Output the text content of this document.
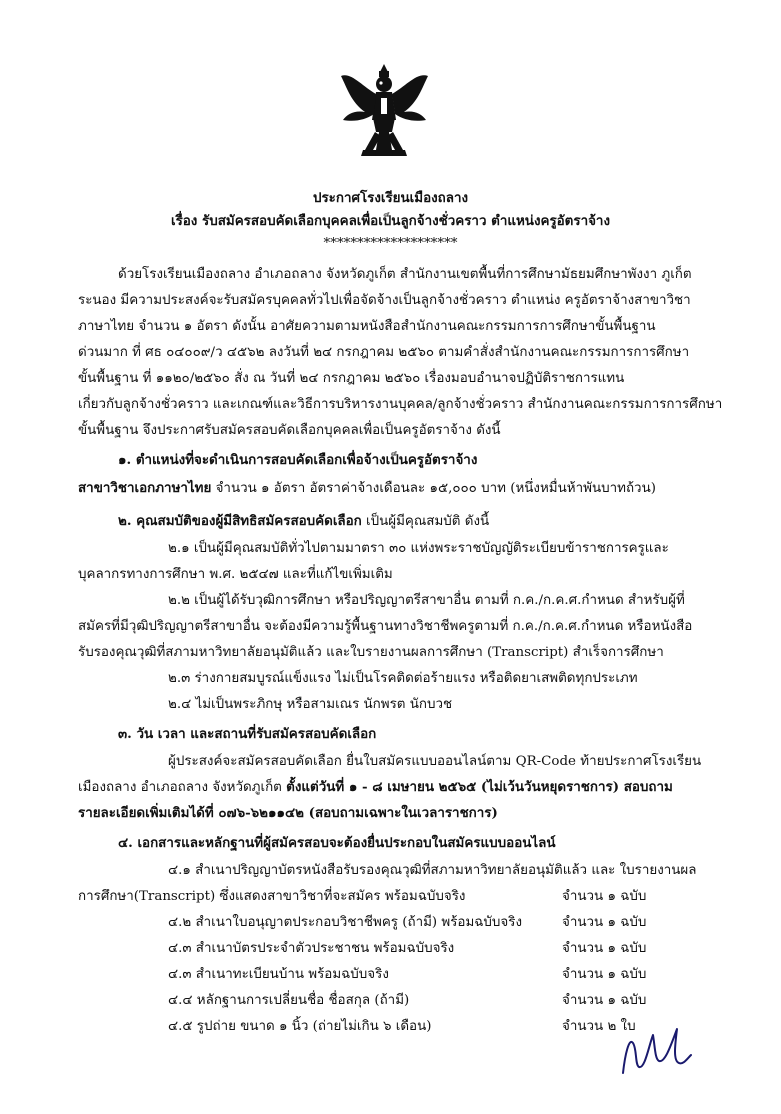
ประกาศโรงเรียนเมืองถลาง
เรื่อง รับสมัครสอบคัดเลือกบุคคลเพื่อเป็นลูกจ้างชั่วคราว ตำแหน่งครูอัตราจ้าง
********************
ด้วยโรงเรียนเมืองถลาง อำเภอถลาง จังหวัดภูเก็ต สำนักงานเขตพื้นที่การศึกษามัธยมศึกษาพังงา ภูเก็ต
ระนอง มีความประสงค์จะรับสมัครบุคคลทั่วไปเพื่อจัดจ้างเป็นลูกจ้างชั่วคราว ตำแหน่ง ครูอัตราจ้างสาขาวิชา
ภาษาไทย จำนวน ๑ อัตรา ดังนั้น อาศัยความตามหนังสือสำนักงานคณะกรรมการการศึกษาขั้นพื้นฐาน
ด่วนมาก ที่ ศธ ๐๔๐๐๙/ว ๔๕๖๒ ลงวันที่ ๒๔ กรกฎาคม ๒๕๖๐ ตามคำสั่งสำนักงานคณะกรรมการการศึกษา
ขั้นพื้นฐาน ที่ ๑๑๒๐/๒๕๖๐ สั่ง ณ วันที่ ๒๔ กรกฎาคม ๒๕๖๐ เรื่องมอบอำนาจปฏิบัติราชการแทน
เกี่ยวกับลูกจ้างชั่วคราว และเกณฑ์และวิธีการบริหารงานบุคคล/ลูกจ้างชั่วคราว สำนักงานคณะกรรมการการศึกษา
ขั้นพื้นฐาน จึงประกาศรับสมัครสอบคัดเลือกบุคคลเพื่อเป็นครูอัตราจ้าง ดังนี้
๑. ตำแหน่งที่จะดำเนินการสอบคัดเลือกเพื่อจ้างเป็นครูอัตราจ้าง
สาขาวิชาเอกภาษาไทย จำนวน ๑ อัตรา อัตราค่าจ้างเดือนละ ๑๕,๐๐๐ บาท (หนึ่งหมื่นห้าพันบาทถ้วน)
๒. คุณสมบัติของผู้มีสิทธิสมัครสอบคัดเลือก เป็นผู้มีคุณสมบัติ ดังนี้
๒.๑ เป็นผู้มีคุณสมบัติทั่วไปตามมาตรา ๓๐ แห่งพระราชบัญญัติระเบียบข้าราชการครูและ
บุคลากรทางการศึกษา พ.ศ. ๒๕๔๗ และที่แก้ไขเพิ่มเติม
๒.๒ เป็นผู้ได้รับวุฒิการศึกษา หรือปริญญาตรีสาขาอื่น ตามที่ ก.ค./ก.ค.ศ.กำหนด สำหรับผู้ที่
สมัครที่มีวุฒิปริญญาตรีสาขาอื่น จะต้องมีความรู้พื้นฐานทางวิชาชีพครูตามที่ ก.ค./ก.ค.ศ.กำหนด หรือหนังสือ
รับรองคุณวุฒิที่สภามหาวิทยาลัยอนุมัติแล้ว และใบรายงานผลการศึกษา (Transcript) สำเร็จการศึกษา
๒.๓ ร่างกายสมบูรณ์แข็งแรง ไม่เป็นโรคติดต่อร้ายแรง หรือติดยาเสพติดทุกประเภท
๒.๔ ไม่เป็นพระภิกษุ หรือสามเณร นักพรต นักบวช
๓. วัน เวลา และสถานที่รับสมัครสอบคัดเลือก
ผู้ประสงค์จะสมัครสอบคัดเลือก ยื่นใบสมัครแบบออนไลน์ตาม QR-Code ท้ายประกาศโรงเรียน
เมืองถลาง อำเภอถลาง จังหวัดภูเก็ต ตั้งแต่วันที่ ๑ - ๘ เมษายน ๒๕๖๕ (ไม่เว้นวันหยุดราชการ) สอบถาม
รายละเอียดเพิ่มเติมได้ที่ ๐๗๖-๖๒๑๑๔๒ (สอบถามเฉพาะในเวลาราชการ)
๔. เอกสารและหลักฐานที่ผู้สมัครสอบจะต้องยื่นประกอบในสมัครแบบออนไลน์
๔.๑ สำเนาปริญญาบัตรหนังสือรับรองคุณวุฒิที่สภามหาวิทยาลัยอนุมัติแล้ว และ ใบรายงานผล
การศึกษา(Transcript) ซึ่งแสดงสาขาวิชาที่จะสมัคร พร้อมฉบับจริง	จำนวน ๑ ฉบับ
๔.๒ สำเนาใบอนุญาตประกอบวิชาชีพครู (ถ้ามี) พร้อมฉบับจริง	จำนวน ๑ ฉบับ
๔.๓ สำเนาบัตรประจำตัวประชาชน พร้อมฉบับจริง	จำนวน ๑ ฉบับ
๔.๓ สำเนาทะเบียนบ้าน พร้อมฉบับจริง	จำนวน ๑ ฉบับ
๔.๔ หลักฐานการเปลี่ยนชื่อ ชื่อสกุล (ถ้ามี)	จำนวน ๑ ฉบับ
๔.๕ รูปถ่าย ขนาด ๑ นิ้ว (ถ่ายไม่เกิน ๖ เดือน)	จำนวน ๒ ใบ
